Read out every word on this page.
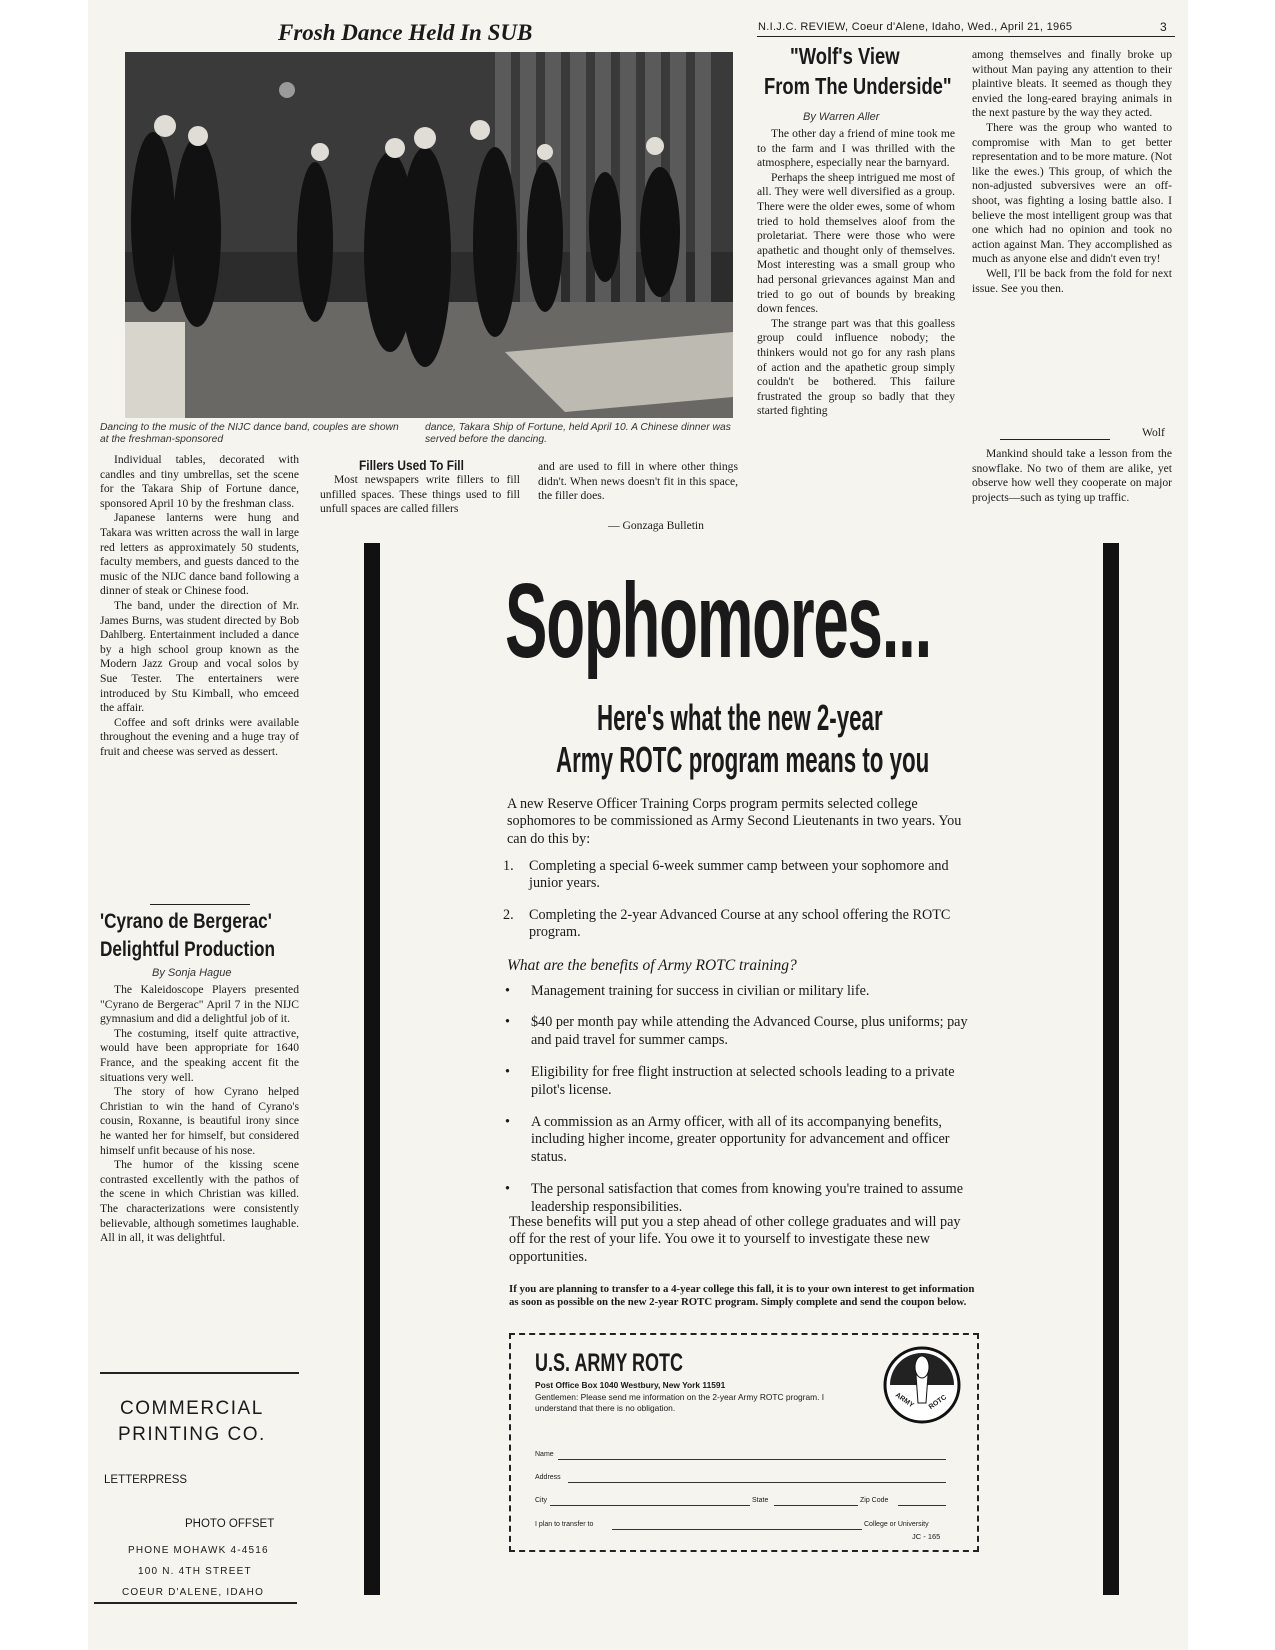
N.I.J.C. REVIEW, Coeur d'Alene, Idaho, Wed., April 21, 1965	3
Frosh Dance Held In SUB
Dancing to the music of the NIJC dance band, couples are shown at the freshman-sponsored
dance, Takara Ship of Fortune, held April 10. A Chinese dinner was served before the dancing.

Individual tables, decorated with candles and tiny umbrellas, set the scene for the Takara Ship of Fortune dance, sponsored April 10 by the freshman class.

Japanese lanterns were hung and Takara was written across the wall in large red letters as approximately 50 students, faculty members, and guests danced to the music of the NIJC dance band following a dinner of steak or Chinese food.

The band, under the direction of Mr. James Burns, was student directed by Bob Dahlberg. Entertainment included a dance by a high school group known as the Modern Jazz Group and vocal solos by Sue Tester. The entertainers were introduced by Stu Kimball, who emceed the affair.

Coffee and soft drinks were available throughout the evening and a huge tray of fruit and cheese was served as dessert.

'Cyrano de Bergerac'
Delightful Production
By Sonja Hague

The Kaleidoscope Players presented "Cyrano de Bergerac" April 7 in the NIJC gymnasium and did a delightful job of it.

The costuming, itself quite attractive, would have been appropriate for 1640 France, and the speaking accent fit the situations very well.

The story of how Cyrano helped Christian to win the hand of Cyrano's cousin, Roxanne, is beautiful irony since he wanted her for himself, but considered himself unfit because of his nose.

The humor of the kissing scene contrasted excellently with the pathos of the scene in which Christian was killed. The characterizations were consistently believable, although sometimes laughable. All in all, it was delightful.

COMMERCIAL
PRINTING CO.
LETTERPRESS
PHOTO OFFSET
PHONE MOHAWK 4-4516
100 N. 4TH STREET
COEUR D'ALENE, IDAHO
Fillers Used To Fill

Most newspapers write fillers to fill unfilled spaces. These things used to fill unfull spaces are called fillers

and are used to fill in where other things didn't. When news doesn't fit in this space, the filler does.

— Gonzaga Bulletin
"Wolf's View
From The Underside"
By Warren Aller

The other day a friend of mine took me to the farm and I was thrilled with the atmosphere, especially near the barnyard.

Perhaps the sheep intrigued me most of all. They were well diversified as a group. There were the older ewes, some of whom tried to hold themselves aloof from the proletariat. There were those who were apathetic and thought only of themselves. Most interesting was a small group who had personal grievances against Man and tried to go out of bounds by breaking down fences.

The strange part was that this goalless group could influence nobody; the thinkers would not go for any rash plans of action and the apathetic group simply couldn't be bothered. This failure frustrated the group so badly that they started fighting

among themselves and finally broke up without Man paying any attention to their plaintive bleats. It seemed as though they envied the long-eared braying animals in the next pasture by the way they acted.

There was the group who wanted to compromise with Man to get better representation and to be more mature. (Not like the ewes.) This group, of which the non-adjusted subversives were an off-shoot, was fighting a losing battle also. I believe the most intelligent group was that one which had no opinion and took no action against Man. They accomplished as much as anyone else and didn't even try!

Well, I'll be back from the fold for next issue. See you then.

Wolf

Mankind should take a lesson from the snowflake. No two of them are alike, yet observe how well they cooperate on major projects—such as tying up traffic.

Sophomores...
Here's what the new 2-year
Army ROTC program means to you
A new Reserve Officer Training Corps program permits selected college sophomores to be commissioned as Army Second Lieutenants in two years. You can do this by:
1.	Completing a special 6-week summer camp between your sophomore and junior years.
2.	Completing the 2-year Advanced Course at any school offering the ROTC program.
What are the benefits of Army ROTC training?
•	Management training for success in civilian or military life.
•	$40 per month pay while attending the Advanced Course, plus uniforms; pay and paid travel for summer camps.
•	Eligibility for free flight instruction at selected schools leading to a private pilot's license.
•	A commission as an Army officer, with all of its accompanying benefits, including higher income, greater opportunity for advancement and officer status.
•	The personal satisfaction that comes from knowing you're trained to assume leadership responsibilities.
These benefits will put you a step ahead of other college graduates and will pay off for the rest of your life. You owe it to yourself to investigate these new opportunities.
If you are planning to transfer to a 4-year college this fall, it is to your own interest to get information as soon as possible on the new 2-year ROTC program. Simply complete and send the coupon below.
U.S. ARMY ROTC
Post Office Box 1040 Westbury, New York 11591
Gentlemen: Please send me information on the 2-year Army ROTC program. I understand that there is no obligation.	ARMY ROTC
Name
Address
City	State	Zip Code
I plan to transfer to	College or University
JC - 165
